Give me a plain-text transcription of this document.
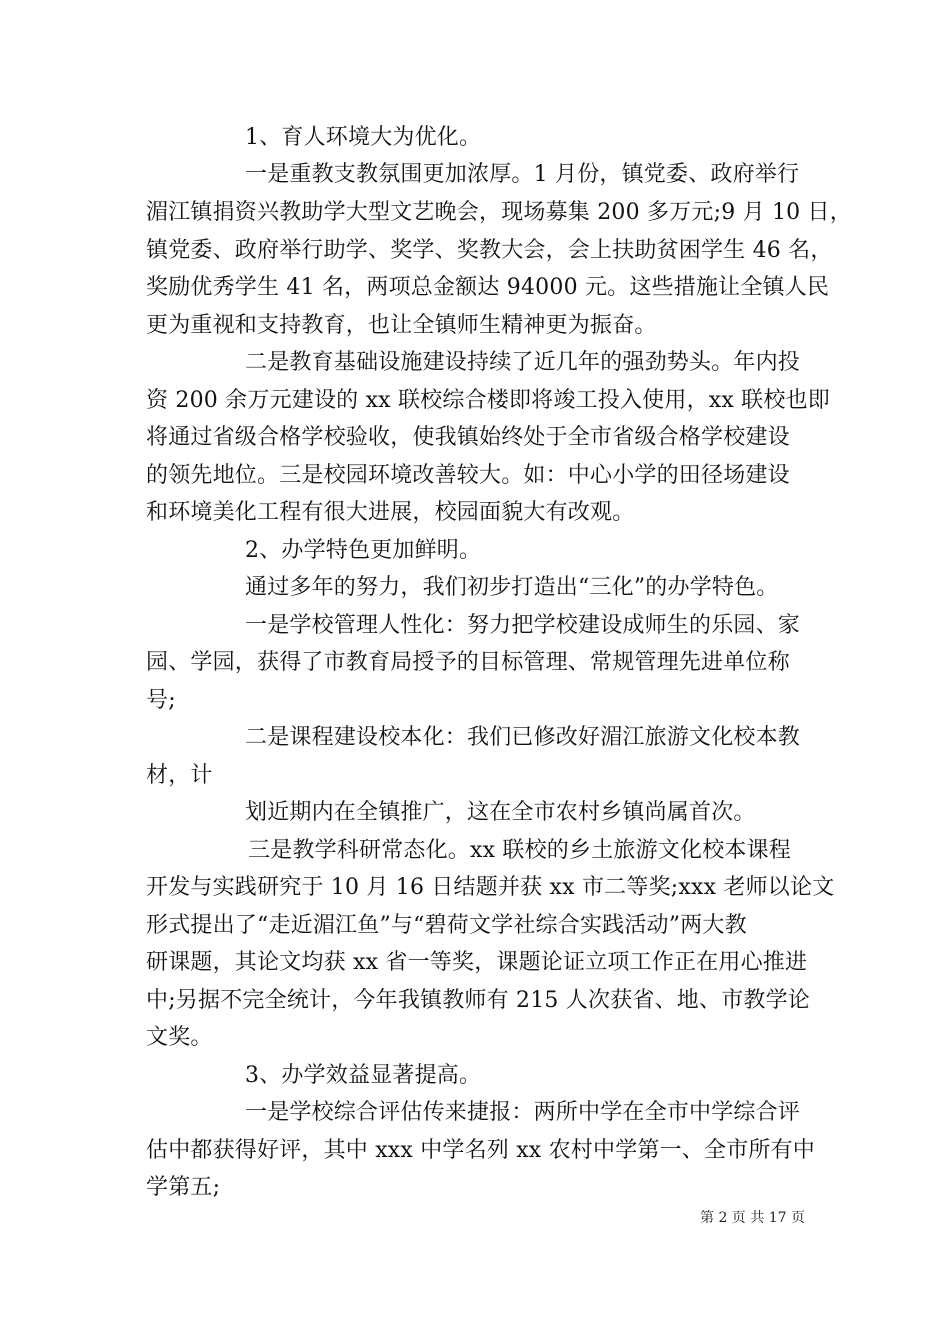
1、育人环境大为优化。
一是重教支教氛围更加浓厚。1 月份，镇党委、政府举行
湄江镇捐资兴教助学大型文艺晚会，现场募集 200 多万元;9 月 10 日，
镇党委、政府举行助学、奖学、奖教大会，会上扶助贫困学生 46 名，
奖励优秀学生 41 名，两项总金额达 94000 元。这些措施让全镇人民
更为重视和支持教育，也让全镇师生精神更为振奋。
二是教育基础设施建设持续了近几年的强劲势头。年内投
资 200 余万元建设的 xx 联校综合楼即将竣工投入使用，xx 联校也即
将通过省级合格学校验收，使我镇始终处于全市省级合格学校建设
的领先地位。三是校园环境改善较大。如：中心小学的田径场建设
和环境美化工程有很大进展，校园面貌大有改观。
2、办学特色更加鲜明。
通过多年的努力，我们初步打造出“三化”的办学特色。
一是学校管理人性化：努力把学校建设成师生的乐园、家
园、学园，获得了市教育局授予的目标管理、常规管理先进单位称
号;
二是课程建设校本化：我们已修改好湄江旅游文化校本教
材，计
划近期内在全镇推广，这在全市农村乡镇尚属首次。
三是教学科研常态化。xx 联校的乡土旅游文化校本课程
开发与实践研究于 10 月 16 日结题并获 xx 市二等奖;xxx 老师以论文
形式提出了“走近湄江鱼”与“碧荷文学社综合实践活动”两大教
研课题，其论文均获 xx 省一等奖，课题论证立项工作正在用心推进
中;另据不完全统计，今年我镇教师有 215 人次获省、地、市教学论
文奖。
3、办学效益显著提高。
一是学校综合评估传来捷报：两所中学在全市中学综合评
估中都获得好评，其中 xxx 中学名列 xx 农村中学第一、全市所有中
学第五;
第 2 页 共 17 页
